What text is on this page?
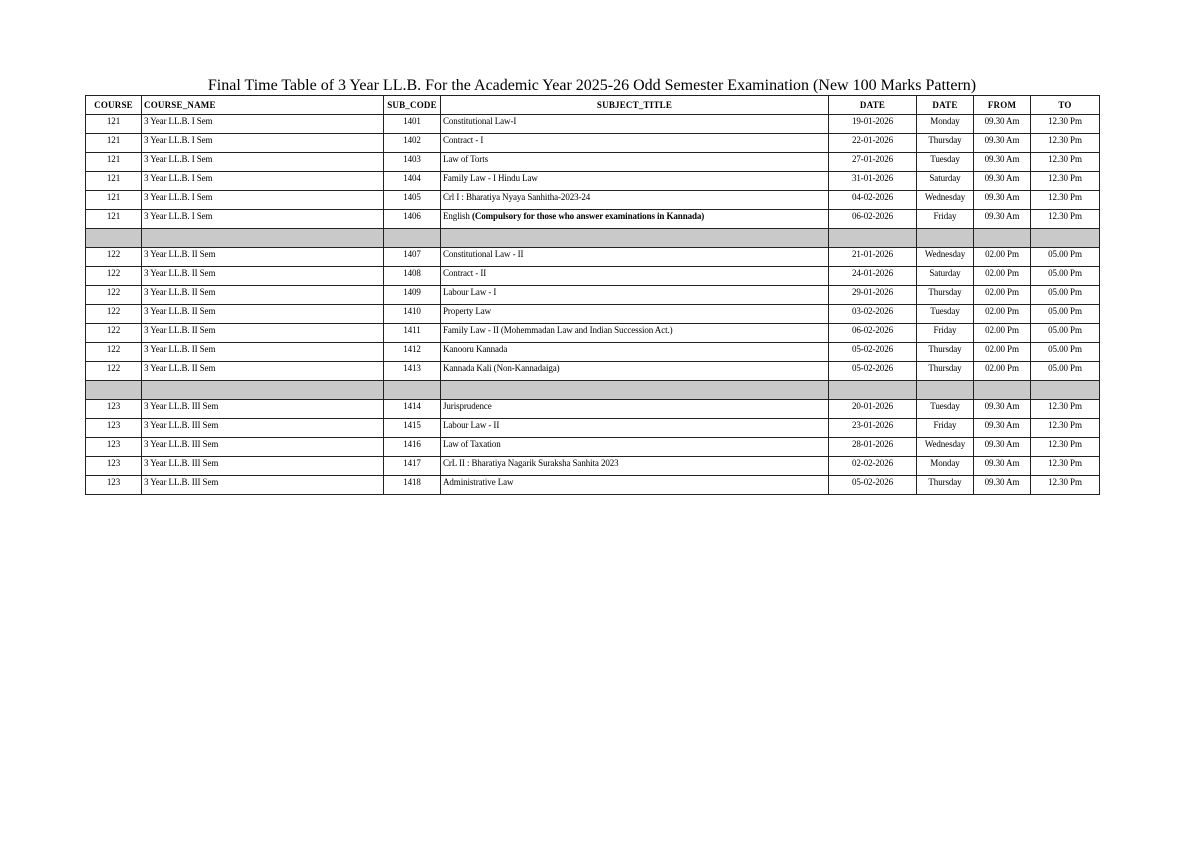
Final Time Table of 3 Year LL.B. For the Academic Year 2025-26 Odd Semester Examination (New 100 Marks Pattern)
COURSE	COURSE_NAME	SUB_CODE	SUBJECT_TITLE	DATE	DATE	FROM	TO
121	3 Year LL.B. I Sem	1401	Constitutional Law-I	19-01-2026	Monday	09.30 Am	12.30 Pm
121	3 Year LL.B. I Sem	1402	Contract - I	22-01-2026	Thursday	09.30 Am	12.30 Pm
121	3 Year LL.B. I Sem	1403	Law of Torts	27-01-2026	Tuesday	09.30 Am	12.30 Pm
121	3 Year LL.B. I Sem	1404	Family Law - I Hindu Law	31-01-2026	Saturday	09.30 Am	12.30 Pm
121	3 Year LL.B. I Sem	1405	Crl I : Bharatiya Nyaya Sanhitha-2023-24	04-02-2026	Wednesday	09.30 Am	12.30 Pm
121	3 Year LL.B. I Sem	1406	English (Compulsory for those who answer examinations in Kannada)	06-02-2026	Friday	09.30 Am	12.30 Pm

122	3 Year LL.B. II Sem	1407	Constitutional Law - II	21-01-2026	Wednesday	02.00 Pm	05.00 Pm
122	3 Year LL.B. II Sem	1408	Contract - II	24-01-2026	Saturday	02.00 Pm	05.00 Pm
122	3 Year LL.B. II Sem	1409	Labour Law - I	29-01-2026	Thursday	02.00 Pm	05.00 Pm
122	3 Year LL.B. II Sem	1410	Property Law	03-02-2026	Tuesday	02.00 Pm	05.00 Pm
122	3 Year LL.B. II Sem	1411	Family Law - II (Mohemmadan Law and Indian Succession Act.)	06-02-2026	Friday	02.00 Pm	05.00 Pm
122	3 Year LL.B. II Sem	1412	Kanooru Kannada	05-02-2026	Thursday	02.00 Pm	05.00 Pm
122	3 Year LL.B. II Sem	1413	Kannada Kali (Non-Kannadaiga)	05-02-2026	Thursday	02.00 Pm	05.00 Pm

123	3 Year LL.B. III Sem	1414	Jurisprudence	20-01-2026	Tuesday	09.30 Am	12.30 Pm
123	3 Year LL.B. III Sem	1415	Labour Law - II	23-01-2026	Friday	09.30 Am	12.30 Pm
123	3 Year LL.B. III Sem	1416	Law of Taxation	28-01-2026	Wednesday	09.30 Am	12.30 Pm
123	3 Year LL.B. III Sem	1417	CrL II : Bharatiya Nagarik Suraksha Sanhita 2023	02-02-2026	Monday	09.30 Am	12.30 Pm
123	3 Year LL.B. III Sem	1418	Administrative Law	05-02-2026	Thursday	09.30 Am	12.30 Pm
